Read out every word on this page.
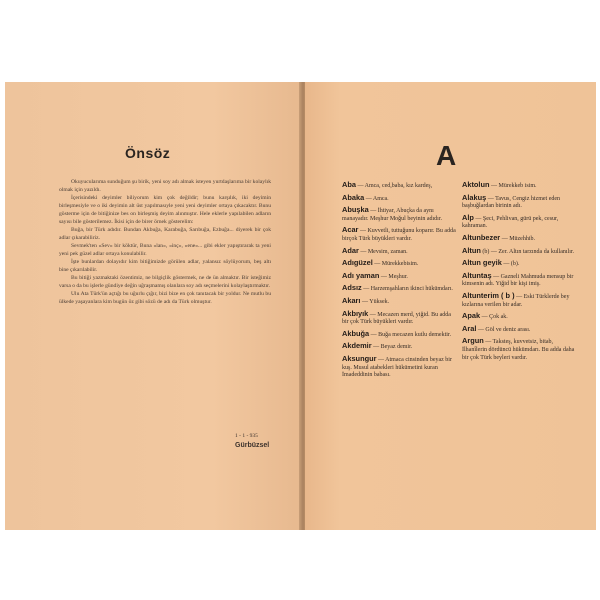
Önsöz

Okuyucularıma sunduğum şu birik, yeni soy adı almak isteyen yurtdaşlarıma bir kolaylık olmak için yazıldı.

İçerisindeki deyimler biliyorum kim çok değildir; bunu karşılık, iki deyimin birleşmesiyle ve o iki deyimin alt üst yapılmasıyle yeni yeni deyimler ortaya çıkacaktır. Bunu gösterme için de bitiğinize bes on birleşmiş deyim alınmıştır. Hele eklerle yapılabilen adların sayısı bile gösterilemez. İkisi için de birer örnek gösterelim:

Buğa, bir Türk adıdır. Bundan Akbuğa, Karabuğa, Sarıbuğa, Ezbuğa... diyerek bir çok adlar çıkarabiliriz.

Sevmek'ten «Sev» bir köktür, Buna «lan», «inç», «ene»... gibi ekler yapıştırarak ta yeni yeni pek güzel adlar ortaya konulabilir.

İşte bunlardan dolayıdır kim bitiğimizde görülen adlar, yalansız söylüyorum, beş altı bine çıkarılabilir.

Bu bitiği yazmaktaki özentimiz, ne bilgiçlik göstermek, ne de ün almaktır. Bir isteğimiz varsa o da bu işlerle gündiye değin uğraşmamış olanlara soy adı seçmelerini kolaylaştırmaktır.

Ulu Ata Türk'ün açtığı bu uğurlu çığır, bizi bize en çok tanıtacak bir yoldur. Ne mutlu bu ülkede yaşayanlara kim bugün öz gibi sözü de adı da Türk olmuştur.

1 - 1 - 935
Gürbüzsel
A
Aba — Amca, ced,baba, kız kardeş,
Abaka — Amca.
Abuşka — İhtiyar, Abuçka da aynı manayadır. Meşhur Moğul beyinin adıdır.
Acar — Kuvvetli, tuttuğunu koparır. Bu adda birçok Türk büyükleri vardır.
Adar — Mevsim, zaman.
Adıgüzel — Mürekkebisim.
Adı yaman — Meşhur.
Adsız — Harzemşahların ikinci hükümdarı.
Akarı — Yüksek.
Akbıyık — Mecazen merd, yiğid. Bu adda bir çok Türk büyükleri vardır.
Akbuğa — Buğa mecazen kutlu demektir.
Akdemir — Beyaz demir.
Aksungur — Atmaca cinsinden beyaz bir kuş. Musul atabekleri hükümetini kuran İmadeddinin babası.
Aktolun — Mürekkeb isim.
Alakuş — Tavus, Cengiz hizmet eden başbuğlardan birinin adı.
Alp — Şeci, Pehlivan, gürü pek, cesur, kahraman.
Altunbezer — Müzehhib.
Altun (b) — Zer. Altın tarzında da kullanılır.
Altun geyik — (b).
Altuntaş — Gazneli Mahmuda mensup bir kimsenin adı. Yiğid bir kişi imiş.
Altunterim ( b ) — Eski Türklerde bey kızlarına verilen bir adar.
Apak — Çok ak.
Aral — Göl ve deniz arası.
Argun — Taksteş, kuvvetsiz, bitab, İlhanîlerin dördüncü hükümdarı. Bu adda daha bir çok Türk beyleri vardır.
